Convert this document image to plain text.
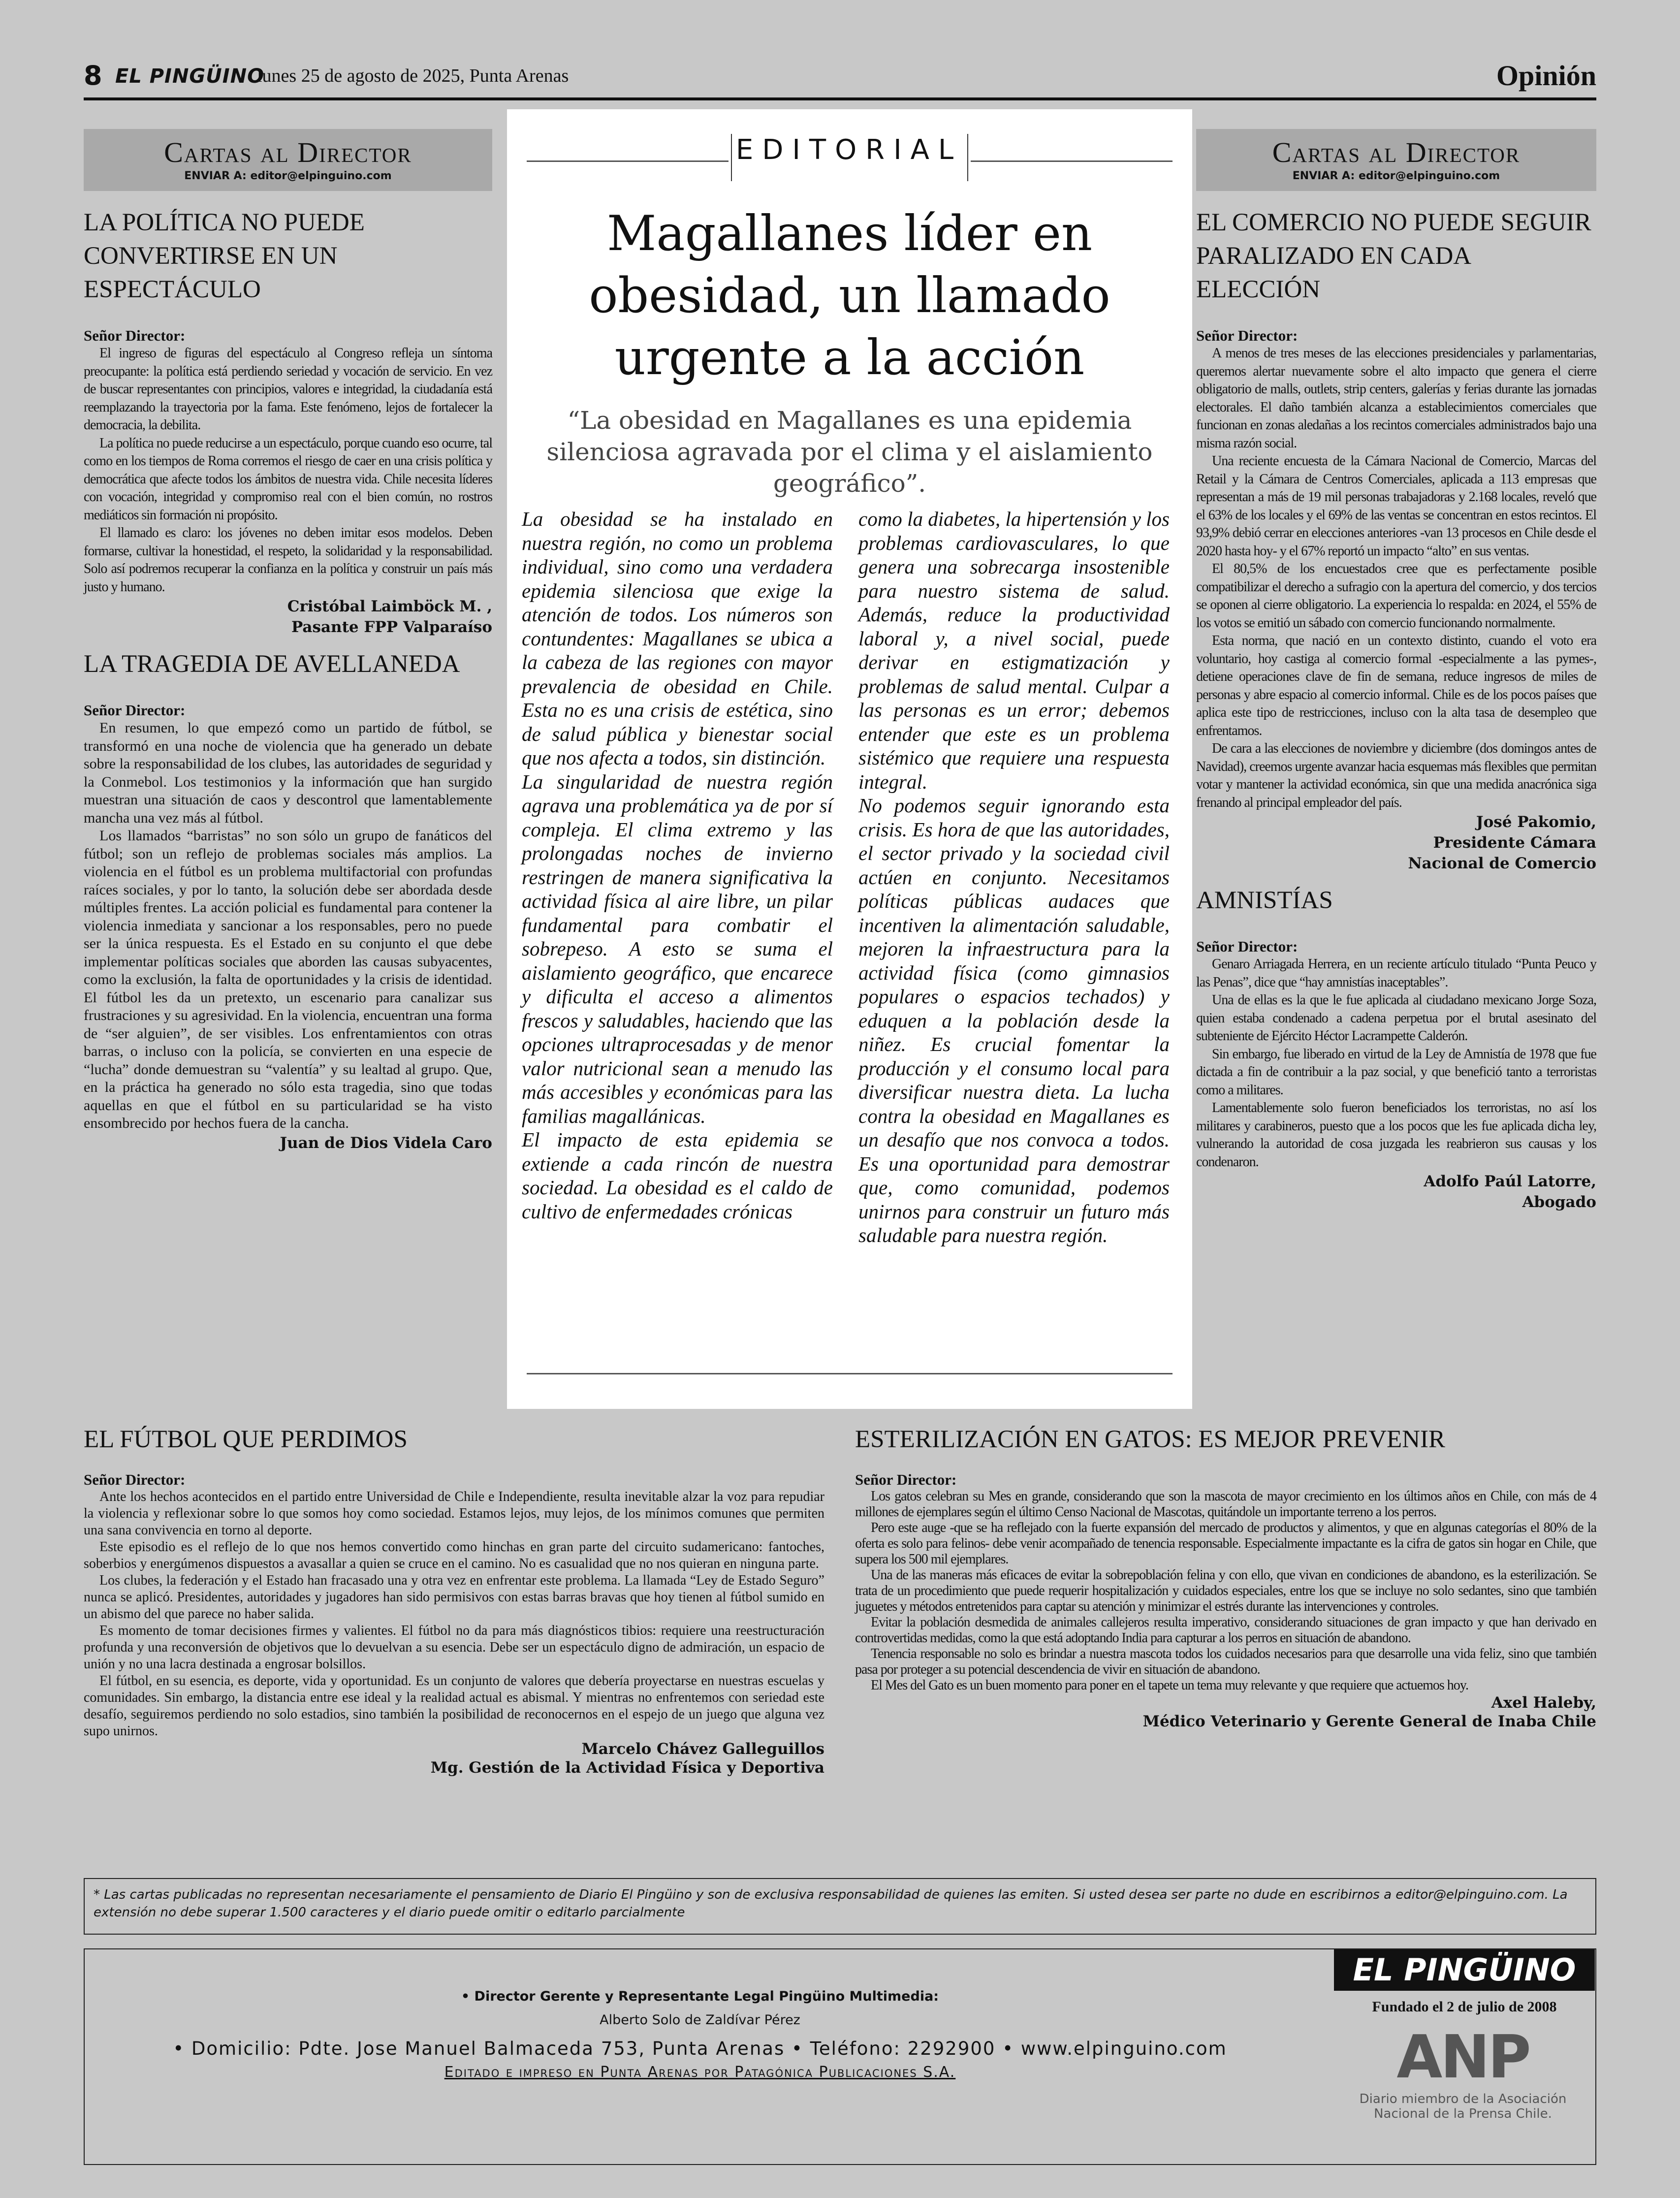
8 EL PINGÜINO
lunes 25 de agosto de 2025, Punta Arenas	Opinión
Cartas al Director
ENVIAR A: editor@elpinguino.com
LA POLÍTICA NO PUEDE CONVERTIRSE EN UN ESPECTÁCULO
Señor Director:

El ingreso de figuras del espectáculo al Congreso refleja un síntoma preocupante: la política está perdiendo seriedad y vocación de servicio. En vez de buscar representantes con principios, valores e integridad, la ciudadanía está reemplazando la trayectoria por la fama. Este fenómeno, lejos de fortalecer la democracia, la debilita.

La política no puede reducirse a un espectáculo, porque cuando eso ocurre, tal como en los tiempos de Roma corremos el riesgo de caer en una crisis política y democrática que afecte todos los ámbitos de nuestra vida. Chile necesita líderes con vocación, integridad y compromiso real con el bien común, no rostros mediáticos sin formación ni propósito.

El llamado es claro: los jóvenes no deben imitar esos modelos. Deben formarse, cultivar la honestidad, el respeto, la solidaridad y la responsabilidad. Solo así podremos recuperar la confianza en la política y construir un país más justo y humano.

Cristóbal Laimböck M. ,
Pasante FPP Valparaíso
LA TRAGEDIA DE AVELLANEDA
Señor Director:

En resumen, lo que empezó como un partido de fútbol, se transformó en una noche de violencia que ha generado un debate sobre la responsabilidad de los clubes, las autoridades de seguridad y la Conmebol. Los testimonios y la información que han surgido muestran una situación de caos y descontrol que lamentablemente mancha una vez más al fútbol.

Los llamados “barristas” no son sólo un grupo de fanáticos del fútbol; son un reflejo de problemas sociales más amplios. La violencia en el fútbol es un problema multifactorial con profundas raíces sociales, y por lo tanto, la solución debe ser abordada desde múltiples frentes. La acción policial es fundamental para contener la violencia inmediata y sancionar a los responsables, pero no puede ser la única respuesta. Es el Estado en su conjunto el que debe implementar políticas sociales que aborden las causas subyacentes, como la exclusión, la falta de oportunidades y la crisis de identidad. El fútbol les da un pretexto, un escenario para canalizar sus frustraciones y su agresividad. En la violencia, encuentran una forma de “ser alguien”, de ser visibles. Los enfrentamientos con otras barras, o incluso con la policía, se convierten en una especie de “lucha” donde demuestran su “valentía” y su lealtad al grupo. Que, en la práctica ha generado no sólo esta tragedia, sino que todas aquellas en que el fútbol en su particularidad se ha visto ensombrecido por hechos fuera de la cancha.

Juan de Dios Videla Caro
EDITORIAL
Magallanes líder en obesidad, un llamado urgente a la acción
“La obesidad en Magallanes es una epidemia silenciosa agravada por el clima y el aislamiento geográfico”.

La obesidad se ha instalado en nuestra región, no como un problema individual, sino como una verdadera epidemia silenciosa que exige la atención de todos. Los números son contundentes: Magallanes se ubica a la cabeza de las regiones con mayor prevalencia de obesidad en Chile. Esta no es una crisis de estética, sino de salud pública y bienestar social que nos afecta a todos, sin distinción.

La singularidad de nuestra región agrava una problemática ya de por sí compleja. El clima extremo y las prolongadas noches de invierno restringen de manera significativa la actividad física al aire libre, un pilar fundamental para combatir el sobrepeso. A esto se suma el aislamiento geográfico, que encarece y dificulta el acceso a alimentos frescos y saludables, haciendo que las opciones ultraprocesadas y de menor valor nutricional sean a menudo las más accesibles y económicas para las familias magallánicas.

El impacto de esta epidemia se extiende a cada rincón de nuestra sociedad. La obesidad es el caldo de cultivo de enfermedades crónicas

como la diabetes, la hipertensión y los problemas cardiovasculares, lo que genera una sobrecarga insostenible para nuestro sistema de salud. Además, reduce la productividad laboral y, a nivel social, puede derivar en estigmatización y problemas de salud mental. Culpar a las personas es un error; debemos entender que este es un problema sistémico que requiere una respuesta integral.

No podemos seguir ignorando esta crisis. Es hora de que las autoridades, el sector privado y la sociedad civil actúen en conjunto. Necesitamos políticas públicas audaces que incentiven la alimentación saludable, mejoren la infraestructura para la actividad física (como gimnasios populares o espacios techados) y eduquen a la población desde la niñez. Es crucial fomentar la producción y el consumo local para diversificar nuestra dieta. La lucha contra la obesidad en Magallanes es un desafío que nos convoca a todos. Es una oportunidad para demostrar que, como comunidad, podemos unirnos para construir un futuro más saludable para nuestra región.

Cartas al Director
ENVIAR A: editor@elpinguino.com
EL COMERCIO NO PUEDE SEGUIR PARALIZADO EN CADA ELECCIÓN
Señor Director:

A menos de tres meses de las elecciones presidenciales y parlamentarias, queremos alertar nuevamente sobre el alto impacto que genera el cierre obligatorio de malls, outlets, strip centers, galerías y ferias durante las jornadas electorales. El daño también alcanza a establecimientos comerciales que funcionan en zonas aledañas a los recintos comerciales administrados bajo una misma razón social.

Una reciente encuesta de la Cámara Nacional de Comercio, Marcas del Retail y la Cámara de Centros Comerciales, aplicada a 113 empresas que representan a más de 19 mil personas trabajadoras y 2.168 locales, reveló que el 63% de los locales y el 69% de las ventas se concentran en estos recintos. El 93,9% debió cerrar en elecciones anteriores -van 13 procesos en Chile desde el 2020 hasta hoy- y el 67% reportó un impacto “alto” en sus ventas.

El 80,5% de los encuestados cree que es perfectamente posible compatibilizar el derecho a sufragio con la apertura del comercio, y dos tercios se oponen al cierre obligatorio. La experiencia lo respalda: en 2024, el 55% de los votos se emitió un sábado con comercio funcionando normalmente.

Esta norma, que nació en un contexto distinto, cuando el voto era voluntario, hoy castiga al comercio formal -especialmente a las pymes-, detiene operaciones clave de fin de semana, reduce ingresos de miles de personas y abre espacio al comercio informal. Chile es de los pocos países que aplica este tipo de restricciones, incluso con la alta tasa de desempleo que enfrentamos.

De cara a las elecciones de noviembre y diciembre (dos domingos antes de Navidad), creemos urgente avanzar hacia esquemas más flexibles que permitan votar y mantener la actividad económica, sin que una medida anacrónica siga frenando al principal empleador del país.

José Pakomio,
Presidente Cámara
Nacional de Comercio
AMNISTÍAS
Señor Director:

Genaro Arriagada Herrera, en un reciente artículo titulado “Punta Peuco y las Penas”, dice que “hay amnistías inaceptables”.

Una de ellas es la que le fue aplicada al ciudadano mexicano Jorge Soza, quien estaba condenado a cadena perpetua por el brutal asesinato del subteniente de Ejército Héctor Lacrampette Calderón.

Sin embargo, fue liberado en virtud de la Ley de Amnistía de 1978 que fue dictada a fin de contribuir a la paz social, y que benefició tanto a terroristas como a militares.

Lamentablemente solo fueron beneficiados los terroristas, no así los militares y carabineros, puesto que a los pocos que les fue aplicada dicha ley, vulnerando la autoridad de cosa juzgada les reabrieron sus causas y los condenaron.

Adolfo Paúl Latorre,
Abogado
EL FÚTBOL QUE PERDIMOS
Señor Director:

Ante los hechos acontecidos en el partido entre Universidad de Chile e Independiente, resulta inevitable alzar la voz para repudiar la violencia y reflexionar sobre lo que somos hoy como sociedad. Estamos lejos, muy lejos, de los mínimos comunes que permiten una sana convivencia en torno al deporte.

Este episodio es el reflejo de lo que nos hemos convertido como hinchas en gran parte del circuito sudamericano: fantoches, soberbios y energúmenos dispuestos a avasallar a quien se cruce en el camino. No es casualidad que no nos quieran en ninguna parte.

Los clubes, la federación y el Estado han fracasado una y otra vez en enfrentar este problema. La llamada “Ley de Estado Seguro” nunca se aplicó. Presidentes, autoridades y jugadores han sido permisivos con estas barras bravas que hoy tienen al fútbol sumido en un abismo del que parece no haber salida.

Es momento de tomar decisiones firmes y valientes. El fútbol no da para más diagnósticos tibios: requiere una reestructuración profunda y una reconversión de objetivos que lo devuelvan a su esencia. Debe ser un espectáculo digno de admiración, un espacio de unión y no una lacra destinada a engrosar bolsillos.

El fútbol, en su esencia, es deporte, vida y oportunidad. Es un conjunto de valores que debería proyectarse en nuestras escuelas y comunidades. Sin embargo, la distancia entre ese ideal y la realidad actual es abismal. Y mientras no enfrentemos con seriedad este desafío, seguiremos perdiendo no solo estadios, sino también la posibilidad de reconocernos en el espejo de un juego que alguna vez supo unirnos.

Marcelo Chávez Galleguillos
Mg. Gestión de la Actividad Física y Deportiva
ESTERILIZACIÓN EN GATOS: ES MEJOR PREVENIR
Señor Director:

Los gatos celebran su Mes en grande, considerando que son la mascota de mayor crecimiento en los últimos años en Chile, con más de 4 millones de ejemplares según el último Censo Nacional de Mascotas, quitándole un importante terreno a los perros.

Pero este auge -que se ha reflejado con la fuerte expansión del mercado de productos y alimentos, y que en algunas categorías el 80% de la oferta es solo para felinos- debe venir acompañado de tenencia responsable. Especialmente impactante es la cifra de gatos sin hogar en Chile, que supera los 500 mil ejemplares.

Una de las maneras más eficaces de evitar la sobrepoblación felina y con ello, que vivan en condiciones de abandono, es la esterilización. Se trata de un procedimiento que puede requerir hospitalización y cuidados especiales, entre los que se incluye no solo sedantes, sino que también juguetes y métodos entretenidos para captar su atención y minimizar el estrés durante las intervenciones y controles.

Evitar la población desmedida de animales callejeros resulta imperativo, considerando situaciones de gran impacto y que han derivado en controvertidas medidas, como la que está adoptando India para capturar a los perros en situación de abandono.

Tenencia responsable no solo es brindar a nuestra mascota todos los cuidados necesarios para que desarrolle una vida feliz, sino que también pasa por proteger a su potencial descendencia de vivir en situación de abandono.

El Mes del Gato es un buen momento para poner en el tapete un tema muy relevante y que requiere que actuemos hoy.

Axel Haleby,
Médico Veterinario y Gerente General de Inaba Chile
* Las cartas publicadas no representan necesariamente el pensamiento de Diario El Pingüino y son de exclusiva responsabilidad de quienes las emiten. Si usted desea ser parte no dude en escribirnos a editor@elpinguino.com. La extensión no debe superar 1.500 caracteres y el diario puede omitir o editarlo parcialmente
• Director Gerente y Representante Legal Pingüino Multimedia:
Alberto Solo de Zaldívar Pérez
• Domicilio: Pdte. Jose Manuel Balmaceda 753, Punta Arenas • Teléfono: 2292900 • www.elpinguino.com
Editado e impreso en Punta Arenas por Patagónica Publicaciones S.A.
EL PINGÜINO
Fundado el 2 de julio de 2008
ANP
Diario miembro de la Asociación
Nacional de la Prensa Chile.
